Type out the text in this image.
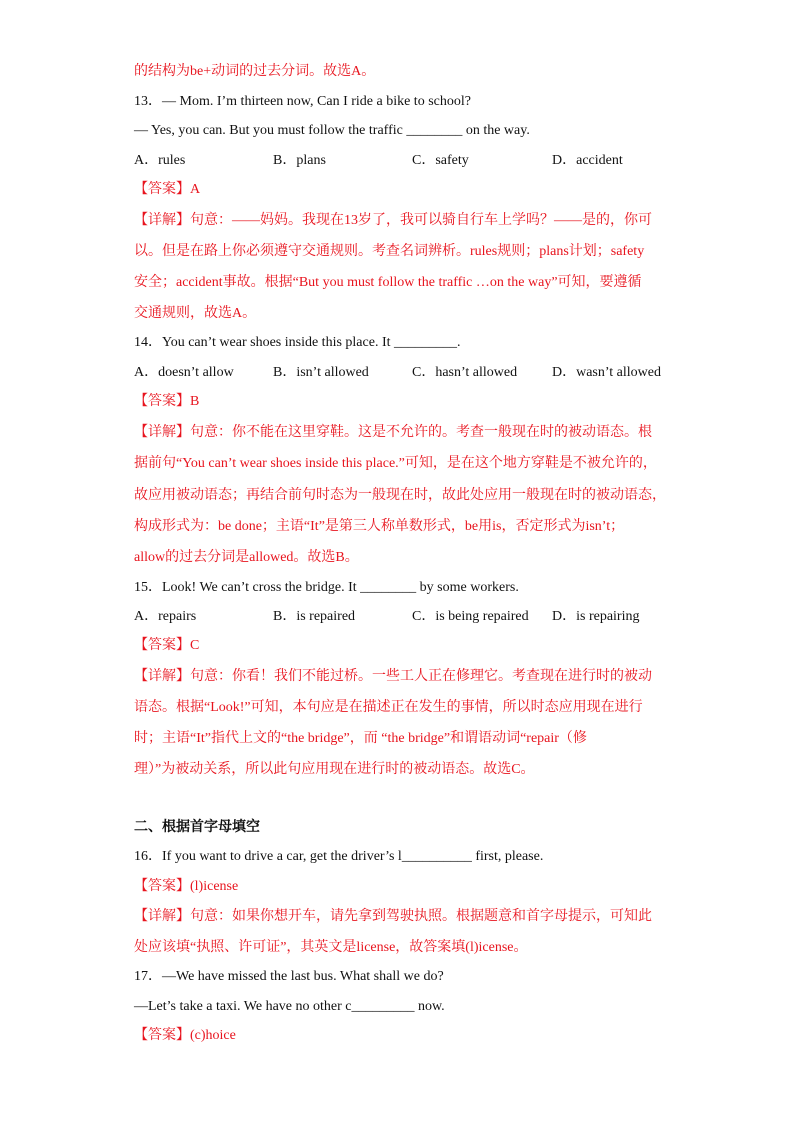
的结构为be+动词的过去分词。故选A。
13．— Mom. I’m thirteen now, Can I ride a bike to school?
— Yes, you can. But you must follow the traffic ________ on the way.
A．rules	B．plans	C．safety	D．accident
【答案】A
【详解】句意：——妈妈。我现在13岁了，我可以骑自行车上学吗？——是的，你可
以。但是在路上你必须遵守交通规则。考查名词辨析。rules规则；plans计划；safety
安全；accident事故。根据“But you must follow the traffic …on the way”可知，要遵循
交通规则，故选A。
14．You can’t wear shoes inside this place. It _________.
A．doesn’t allow	B．isn’t allowed	C．hasn’t allowed D．wasn’t allowed
【答案】B
【详解】句意：你不能在这里穿鞋。这是不允许的。考查一般现在时的被动语态。根
据前句“You can’t wear shoes inside this place.”可知，是在这个地方穿鞋是不被允许的，
故应用被动语态；再结合前句时态为一般现在时，故此处应用一般现在时的被动语态，
构成形式为：be done；主语“It”是第三人称单数形式，be用is，否定形式为isn’t；
allow的过去分词是allowed。故选B。
15．Look! We can’t cross the bridge. It ________ by some workers.
A．repairs	B．is repaired	C．is being repaired D．is repairing
【答案】C
【详解】句意：你看！我们不能过桥。一些工人正在修理它。考查现在进行时的被动
语态。根据“Look!”可知，本句应是在描述正在发生的事情，所以时态应用现在进行
时；主语“It”指代上文的“the bridge”，而 “the bridge”和谓语动词“repair（修
理）”为被动关系，所以此句应用现在进行时的被动语态。故选C。
二、根据首字母填空
16．If you want to drive a car, get the driver’s l__________ first, please.
【答案】(l)icense
【详解】句意：如果你想开车，请先拿到驾驶执照。根据题意和首字母提示，可知此
处应该填“执照、许可证”，其英文是license，故答案填(l)icense。
17．—We have missed the last bus. What shall we do?
—Let’s take a taxi. We have no other c_________ now.
【答案】(c)hoice
